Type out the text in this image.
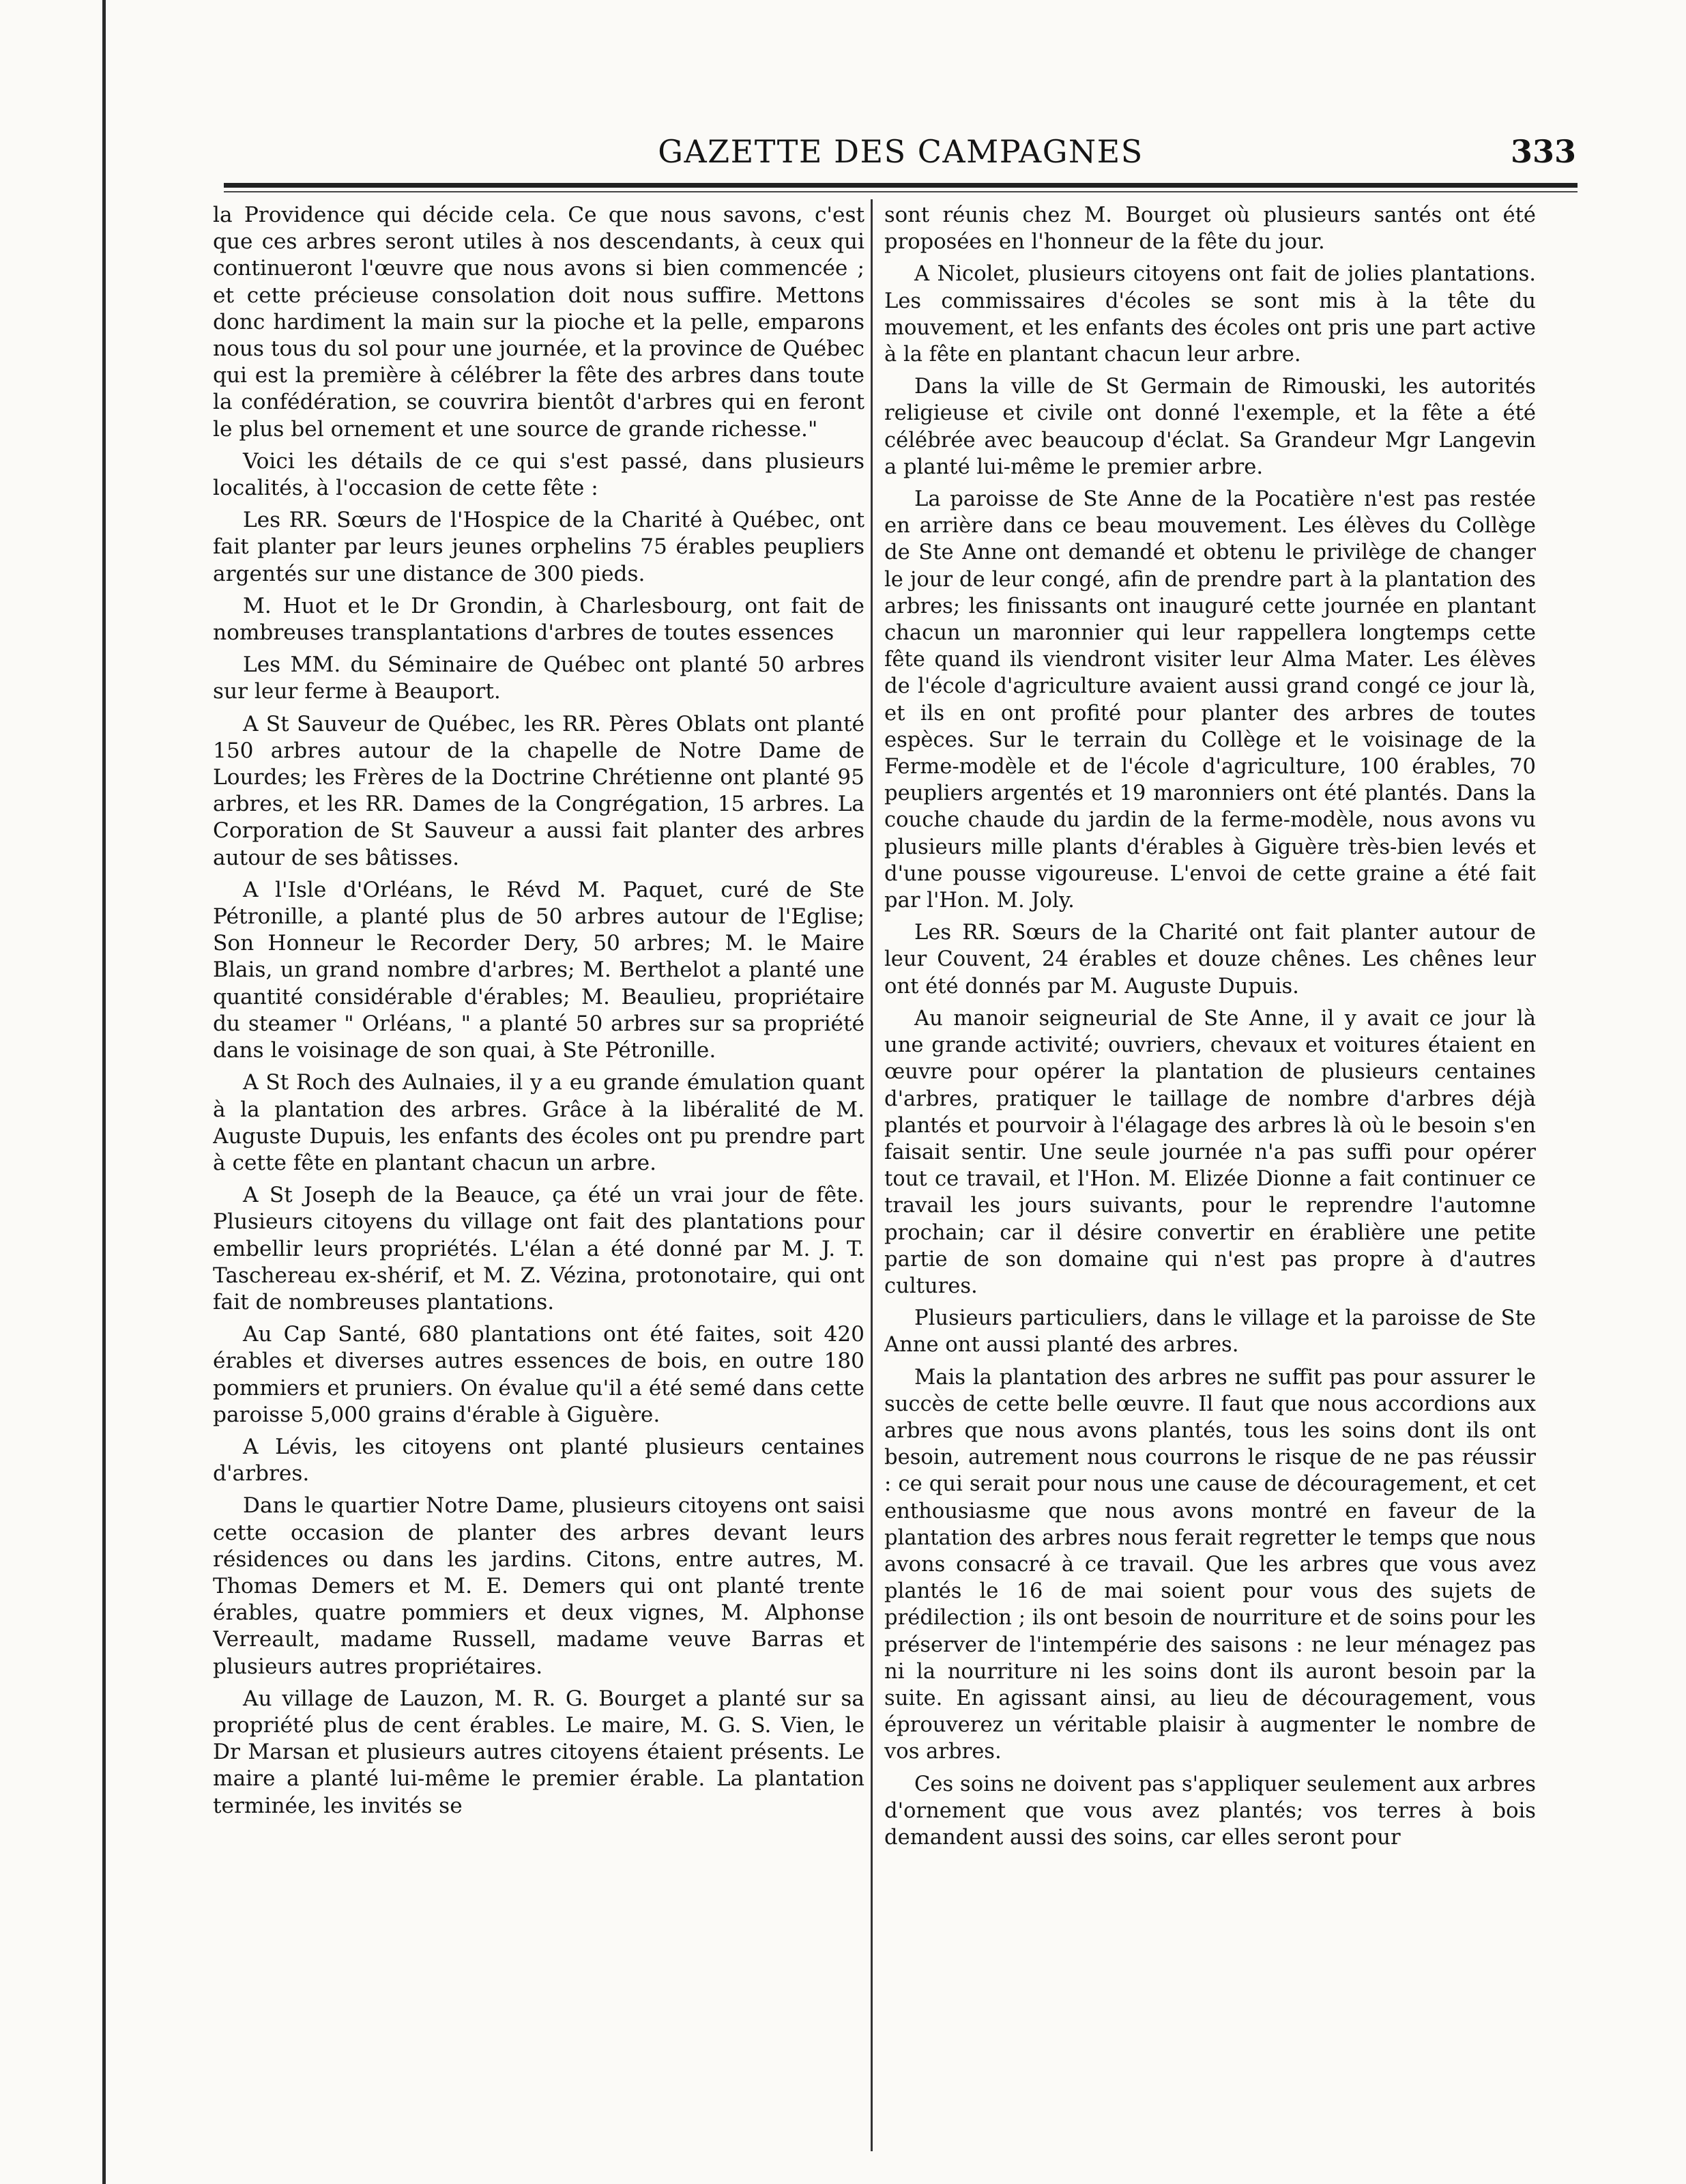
GAZETTE DES CAMPAGNES	333

la Providence qui décide cela. Ce que nous savons, c'est que ces arbres seront utiles à nos descendants, à ceux qui continueront l'œuvre que nous avons si bien commencée ; et cette précieuse consolation doit nous suffire. Mettons donc hardiment la main sur la pioche et la pelle, emparons nous tous du sol pour une journée, et la province de Québec qui est la première à célébrer la fête des arbres dans toute la confédération, se couvrira bientôt d'arbres qui en feront le plus bel ornement et une source de grande richesse."

Voici les détails de ce qui s'est passé, dans plusieurs localités, à l'occasion de cette fête :

Les RR. Sœurs de l'Hospice de la Charité à Québec, ont fait planter par leurs jeunes orphelins 75 érables peupliers argentés sur une distance de 300 pieds.

M. Huot et le Dr Grondin, à Charlesbourg, ont fait de nombreuses transplantations d'arbres de toutes essences

Les MM. du Séminaire de Québec ont planté 50 arbres sur leur ferme à Beauport.

A St Sauveur de Québec, les RR. Pères Oblats ont planté 150 arbres autour de la chapelle de Notre Dame de Lourdes; les Frères de la Doctrine Chrétienne ont planté 95 arbres, et les RR. Dames de la Congrégation, 15 arbres. La Corporation de St Sauveur a aussi fait planter des arbres autour de ses bâtisses.

A l'Isle d'Orléans, le Révd M. Paquet, curé de Ste Pétronille, a planté plus de 50 arbres autour de l'Eglise; Son Honneur le Recorder Dery, 50 arbres; M. le Maire Blais, un grand nombre d'arbres; M. Berthelot a planté une quantité considérable d'érables; M. Beaulieu, propriétaire du steamer " Orléans, " a planté 50 arbres sur sa propriété dans le voisinage de son quai, à Ste Pétronille.

A St Roch des Aulnaies, il y a eu grande émulation quant à la plantation des arbres. Grâce à la libéralité de M. Auguste Dupuis, les enfants des écoles ont pu prendre part à cette fête en plantant chacun un arbre.

A St Joseph de la Beauce, ça été un vrai jour de fête. Plusieurs citoyens du village ont fait des plantations pour embellir leurs propriétés. L'élan a été donné par M. J. T. Taschereau ex-shérif, et M. Z. Vézina, protonotaire, qui ont fait de nombreuses plantations.

Au Cap Santé, 680 plantations ont été faites, soit 420 érables et diverses autres essences de bois, en outre 180 pommiers et pruniers. On évalue qu'il a été semé dans cette paroisse 5,000 grains d'érable à Giguère.

A Lévis, les citoyens ont planté plusieurs centaines d'arbres.

Dans le quartier Notre Dame, plusieurs citoyens ont saisi cette occasion de planter des arbres devant leurs résidences ou dans les jardins. Citons, entre autres, M. Thomas Demers et M. E. Demers qui ont planté trente érables, quatre pommiers et deux vignes, M. Alphonse Verreault, madame Russell, madame veuve Barras et plusieurs autres propriétaires.

Au village de Lauzon, M. R. G. Bourget a planté sur sa propriété plus de cent érables. Le maire, M. G. S. Vien, le Dr Marsan et plusieurs autres citoyens étaient présents. Le maire a planté lui-même le premier érable. La plantation terminée, les invités se

sont réunis chez M. Bourget où plusieurs santés ont été proposées en l'honneur de la fête du jour.

A Nicolet, plusieurs citoyens ont fait de jolies plantations. Les commissaires d'écoles se sont mis à la tête du mouvement, et les enfants des écoles ont pris une part active à la fête en plantant chacun leur arbre.

Dans la ville de St Germain de Rimouski, les autorités religieuse et civile ont donné l'exemple, et la fête a été célébrée avec beaucoup d'éclat. Sa Grandeur Mgr Langevin a planté lui-même le premier arbre.

La paroisse de Ste Anne de la Pocatière n'est pas restée en arrière dans ce beau mouvement. Les élèves du Collège de Ste Anne ont demandé et obtenu le privilège de changer le jour de leur congé, afin de prendre part à la plantation des arbres; les finissants ont inauguré cette journée en plantant chacun un maronnier qui leur rappellera longtemps cette fête quand ils viendront visiter leur Alma Mater. Les élèves de l'école d'agriculture avaient aussi grand congé ce jour là, et ils en ont profité pour planter des arbres de toutes espèces. Sur le terrain du Collège et le voisinage de la Ferme-modèle et de l'école d'agriculture, 100 érables, 70 peupliers argentés et 19 maronniers ont été plantés. Dans la couche chaude du jardin de la ferme-modèle, nous avons vu plusieurs mille plants d'érables à Giguère très-bien levés et d'une pousse vigoureuse. L'envoi de cette graine a été fait par l'Hon. M. Joly.

Les RR. Sœurs de la Charité ont fait planter autour de leur Couvent, 24 érables et douze chênes. Les chênes leur ont été donnés par M. Auguste Dupuis.

Au manoir seigneurial de Ste Anne, il y avait ce jour là une grande activité; ouvriers, chevaux et voitures étaient en œuvre pour opérer la plantation de plusieurs centaines d'arbres, pratiquer le taillage de nombre d'arbres déjà plantés et pourvoir à l'élagage des arbres là où le besoin s'en faisait sentir. Une seule journée n'a pas suffi pour opérer tout ce travail, et l'Hon. M. Elizée Dionne a fait continuer ce travail les jours suivants, pour le reprendre l'automne prochain; car il désire convertir en érablière une petite partie de son domaine qui n'est pas propre à d'autres cultures.

Plusieurs particuliers, dans le village et la paroisse de Ste Anne ont aussi planté des arbres.

Mais la plantation des arbres ne suffit pas pour assurer le succès de cette belle œuvre. Il faut que nous accordions aux arbres que nous avons plantés, tous les soins dont ils ont besoin, autrement nous courrons le risque de ne pas réussir : ce qui serait pour nous une cause de découragement, et cet enthousiasme que nous avons montré en faveur de la plantation des arbres nous ferait regretter le temps que nous avons consacré à ce travail. Que les arbres que vous avez plantés le 16 de mai soient pour vous des sujets de prédilection ; ils ont besoin de nourriture et de soins pour les préserver de l'intempérie des saisons : ne leur ménagez pas ni la nourriture ni les soins dont ils auront besoin par la suite. En agissant ainsi, au lieu de découragement, vous éprouverez un véritable plaisir à augmenter le nombre de vos arbres.

Ces soins ne doivent pas s'appliquer seulement aux arbres d'ornement que vous avez plantés; vos terres à bois demandent aussi des soins, car elles seront pour
